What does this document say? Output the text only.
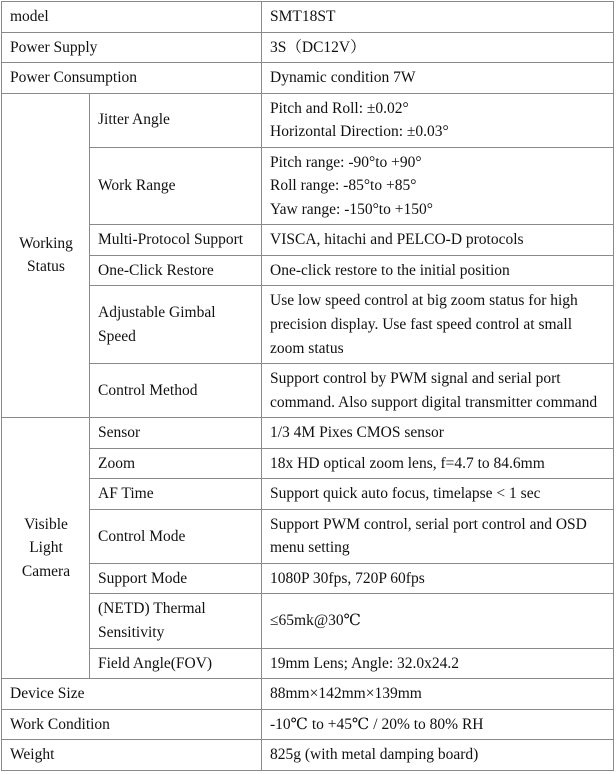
model		SMT18ST
Power Supply		3S（DC12V）
Power Consumption		Dynamic condition 7W
Working Status	Jitter Angle	Pitch and Roll: ±0.02°
Horizontal Direction: ±0.03°

	Work Range	Pitch range: -90°to +90°
Roll range: -85°to +85°
Yaw range: -150°to +150°

	Multi-Protocol Support	VISCA, hitachi and PELCO-D protocols
	One-Click Restore	One-click restore to the initial position
	Adjustable Gimbal Speed	Use low speed control at big zoom status for high precision display. Use fast speed control at small zoom status
	Control Method	Support control by PWM signal and serial port command. Also support digital transmitter command
Visible Light Camera	Sensor	1/3 4M Pixes CMOS sensor
	Zoom	18x HD optical zoom lens, f=4.7 to 84.6mm
	AF Time	Support quick auto focus, timelapse < 1 sec
	Control Mode	Support PWM control, serial port control and OSD menu setting
	Support Mode	1080P 30fps, 720P 60fps
	(NETD) Thermal Sensitivity	≤65mk@30℃
	Field Angle(FOV)	19mm Lens; Angle: 32.0x24.2
Device Size		88mm×142mm×139mm
Work Condition		-10℃ to +45℃ / 20% to 80% RH
Weight		825g (with metal damping board)
